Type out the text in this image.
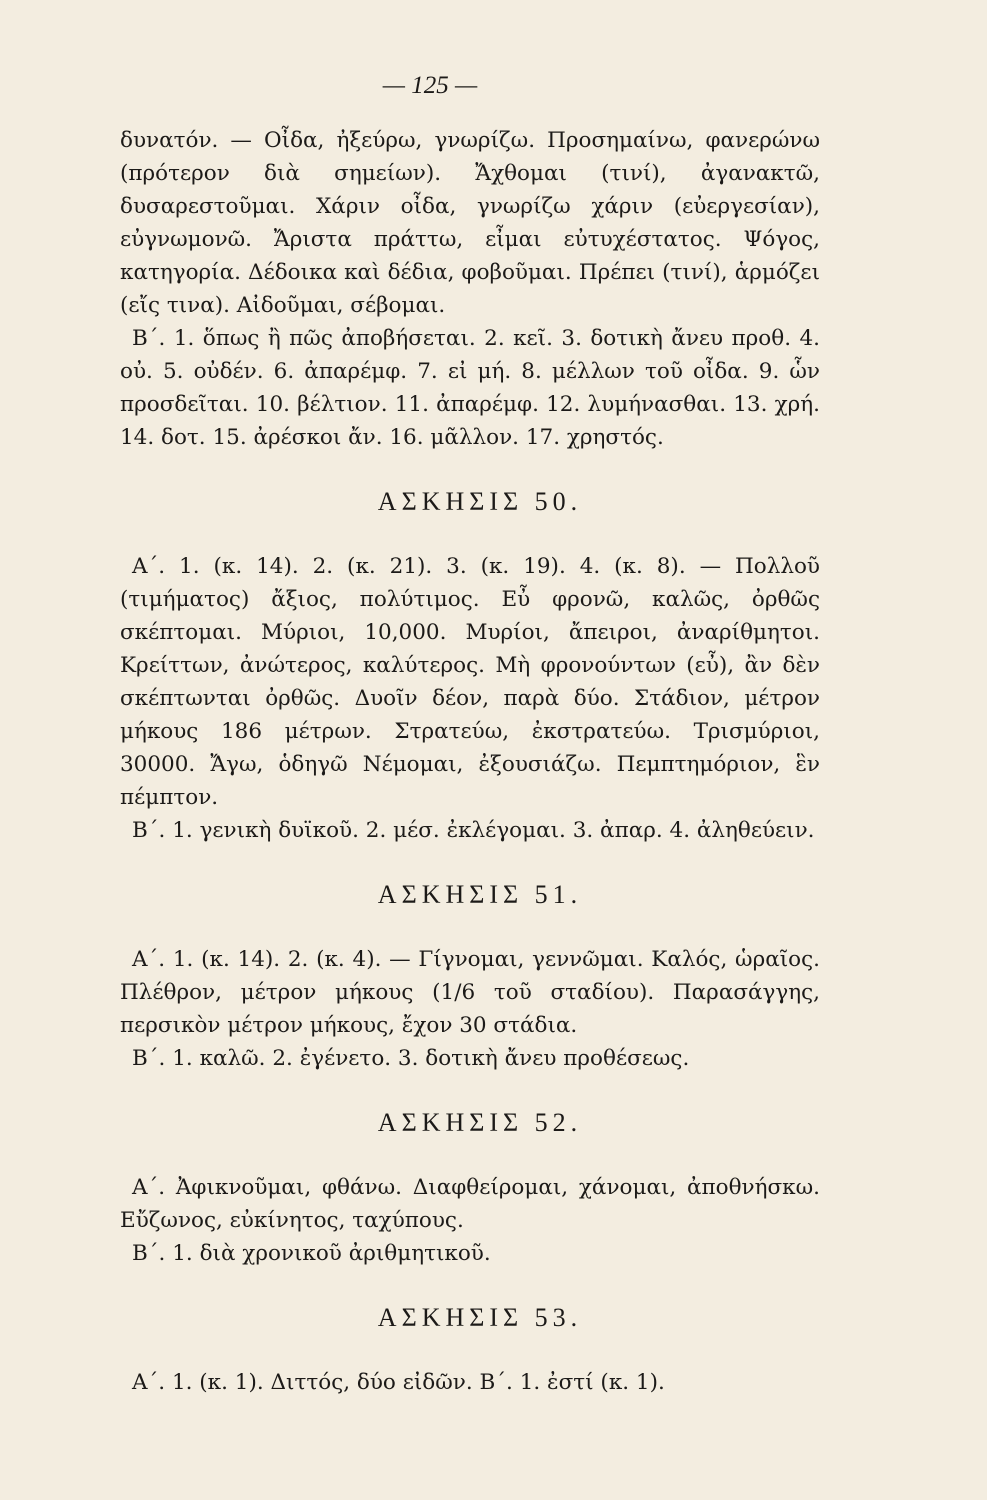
— 125 —

δυνατόν. — Οἶδα, ἠξεύρω, γνωρίζω. Προσημαίνω, φανερώνω (πρότερον διὰ σημείων). Ἄχθομαι (τινί), ἀγανακτῶ, δυσαρεστοῦμαι. Χάριν οἶδα, γνωρίζω χάριν (εὐεργεσίαν), εὐγνωμονῶ. Ἄριστα πράττω, εἶμαι εὐτυχέστατος. Ψόγος, κατηγορία. Δέδοικα καὶ δέδια, φοβοῦμαι. Πρέπει (τινί), ἁρμόζει (εἴς τινα). Αἰδοῦμαι, σέβομαι.

Β΄. 1. ὅπως ἢ πῶς ἀποβήσεται. 2. κεῖ. 3. δοτικὴ ἄνευ προθ. 4. οὐ. 5. οὐδέν. 6. ἀπαρέμφ. 7. εἰ μή. 8. μέλλων τοῦ οἶδα. 9. ὧν προσδεῖται. 10. βέλτιον. 11. ἀπαρέμφ. 12. λυμήνασθαι. 13. χρή. 14. δοτ. 15. ἀρέσκοι ἄν. 16. μᾶλλον. 17. χρηστός.

ΑΣΚΗΣΙΣ 50.

Α΄. 1. (κ. 14). 2. (κ. 21). 3. (κ. 19). 4. (κ. 8). — Πολλοῦ (τιμήματος) ἄξιος, πολύτιμος. Εὖ φρονῶ, καλῶς, ὀρθῶς σκέπτομαι. Μύριοι, 10,000. Μυρίοι, ἄπειροι, ἀναρίθμητοι. Κρείττων, ἀνώτερος, καλύτερος. Μὴ φρονούντων (εὖ), ἂν δὲν σκέπτωνται ὀρθῶς. Δυοῖν δέον, παρὰ δύο. Στάδιον, μέτρον μήκους 186 μέτρων. Στρατεύω, ἐκστρατεύω. Τρισμύριοι, 30000. Ἄγω, ὁδηγῶ Νέμομαι, ἐξουσιάζω. Πεμπτημόριον, ἓν πέμπτον.

Β΄. 1. γενικὴ δυϊκοῦ. 2. μέσ. ἐκλέγομαι. 3. ἀπαρ. 4. ἀληθεύειν.

ΑΣΚΗΣΙΣ 51.

Α΄. 1. (κ. 14). 2. (κ. 4). — Γίγνομαι, γεννῶμαι. Καλός, ὡραῖος. Πλέθρον, μέτρον μήκους (1/6 τοῦ σταδίου). Παρασάγγης, περσικὸν μέτρον μήκους, ἔχον 30 στάδια.

Β΄. 1. καλῶ. 2. ἐγένετο. 3. δοτικὴ ἄνευ προθέσεως.

ΑΣΚΗΣΙΣ 52.

Α΄. Ἀφικνοῦμαι, φθάνω. Διαφθείρομαι, χάνομαι, ἀποθνήσκω. Εὔζωνος, εὐκίνητος, ταχύπους.

Β΄. 1. διὰ χρονικοῦ ἀριθμητικοῦ.

ΑΣΚΗΣΙΣ 53.

Α΄. 1. (κ. 1). Διττός, δύο εἰδῶν. Β΄. 1. ἐστί (κ. 1).
